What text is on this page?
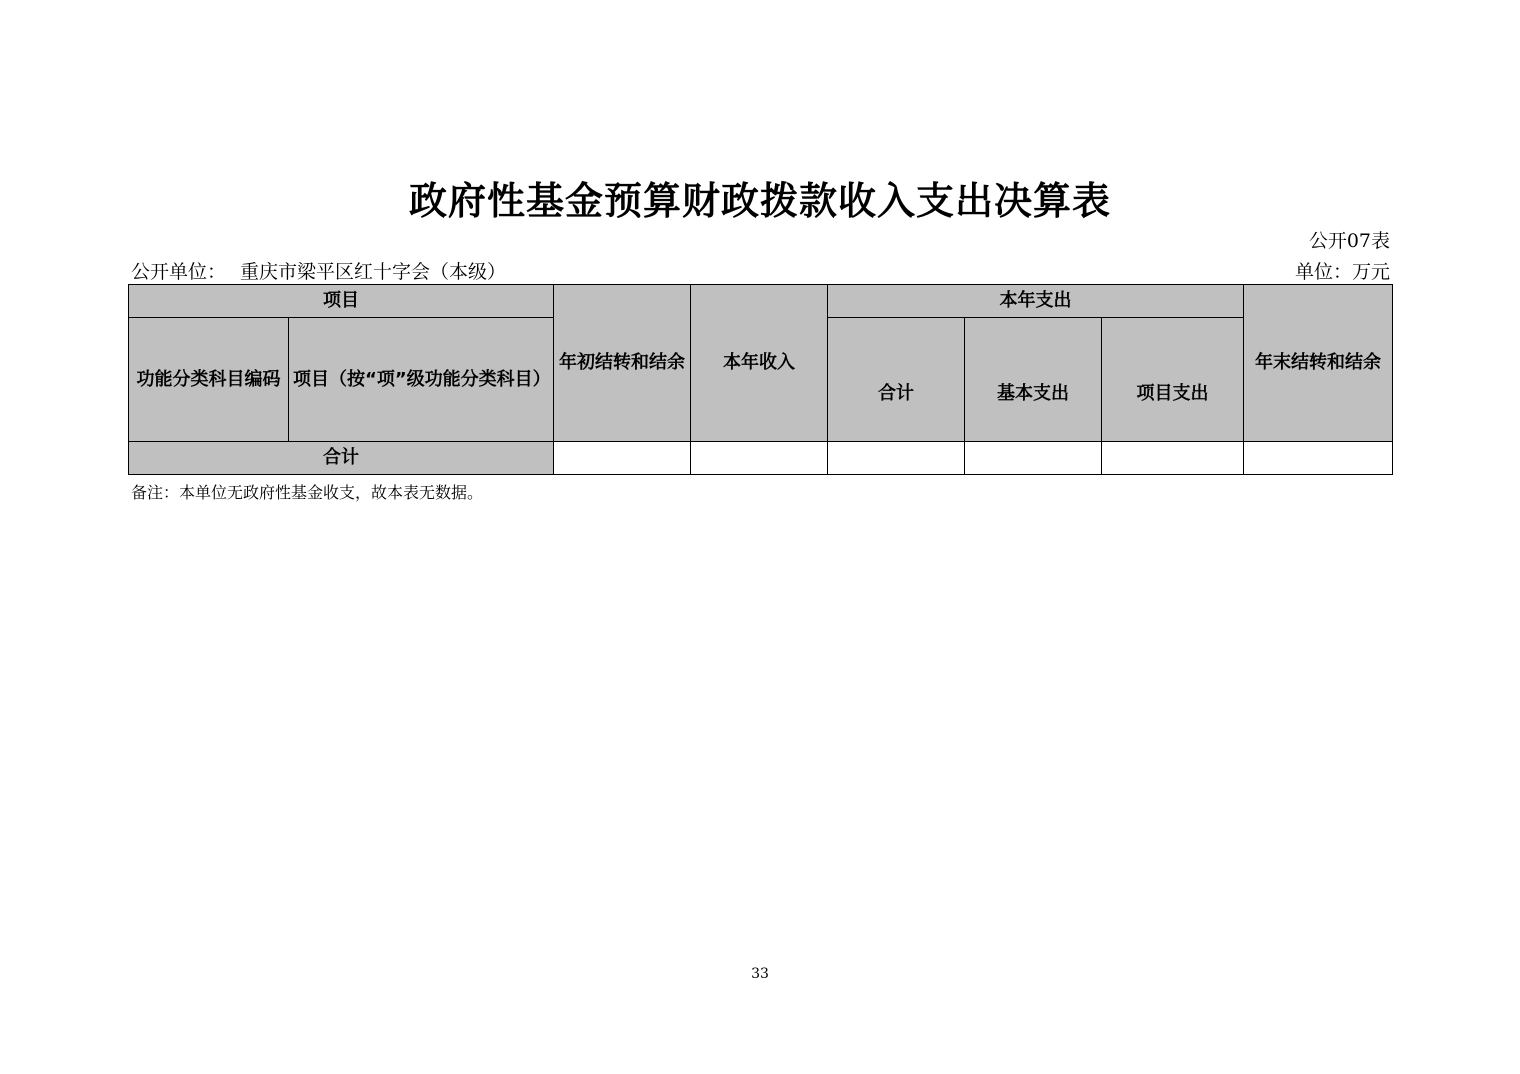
政府性基金预算财政拨款收入支出决算表
公开07表
公开单位： 重庆市梁平区红十字会（本级）	单位：万元
项目		年初结转和结余	本年收入	本年支出			年末结转和结余
功能分类科目编码	项目（按“项”级功能分类科目）			合计	基本支出	项目支出	
合计							
备注：本单位无政府性基金收支，故本表无数据。
33
